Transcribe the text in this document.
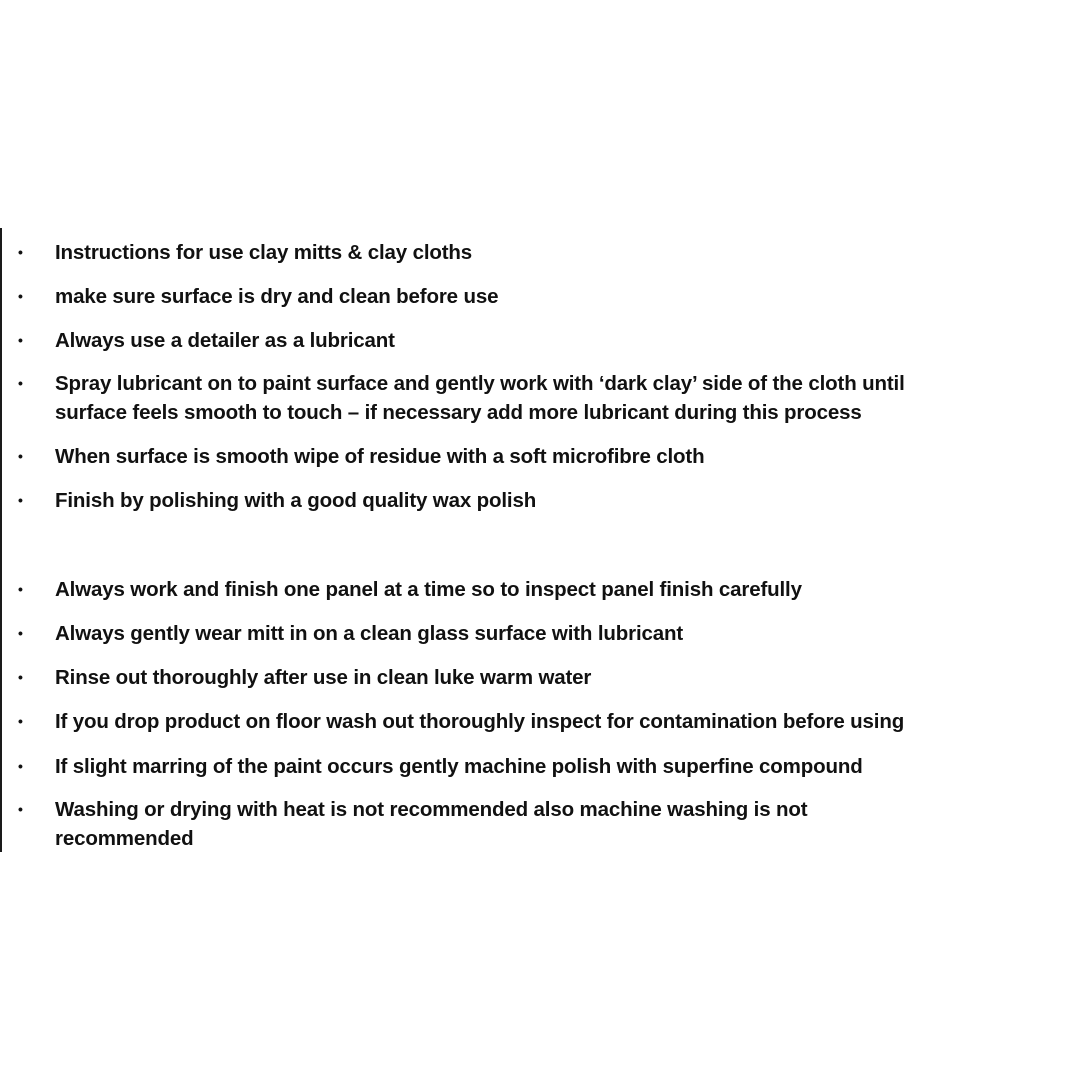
• Instructions for use clay mitts & clay cloths
• make sure surface is dry and clean before use
• Always use a detailer as a lubricant
• Spray lubricant on to paint surface and gently work with ‘dark clay’ side of the cloth until
surface feels smooth to touch – if necessary add more lubricant during this process
• When surface is smooth wipe of residue with a soft microfibre cloth
• Finish by polishing with a good quality wax polish
• Always work and finish one panel at a time so to inspect panel finish carefully
• Always gently wear mitt in on a clean glass surface with lubricant
• Rinse out thoroughly after use in clean luke warm water
• If you drop product on floor wash out thoroughly inspect for contamination before using
• If slight marring of the paint occurs gently machine polish with superfine compound
• Washing or drying with heat is not recommended also machine washing is not
recommended
